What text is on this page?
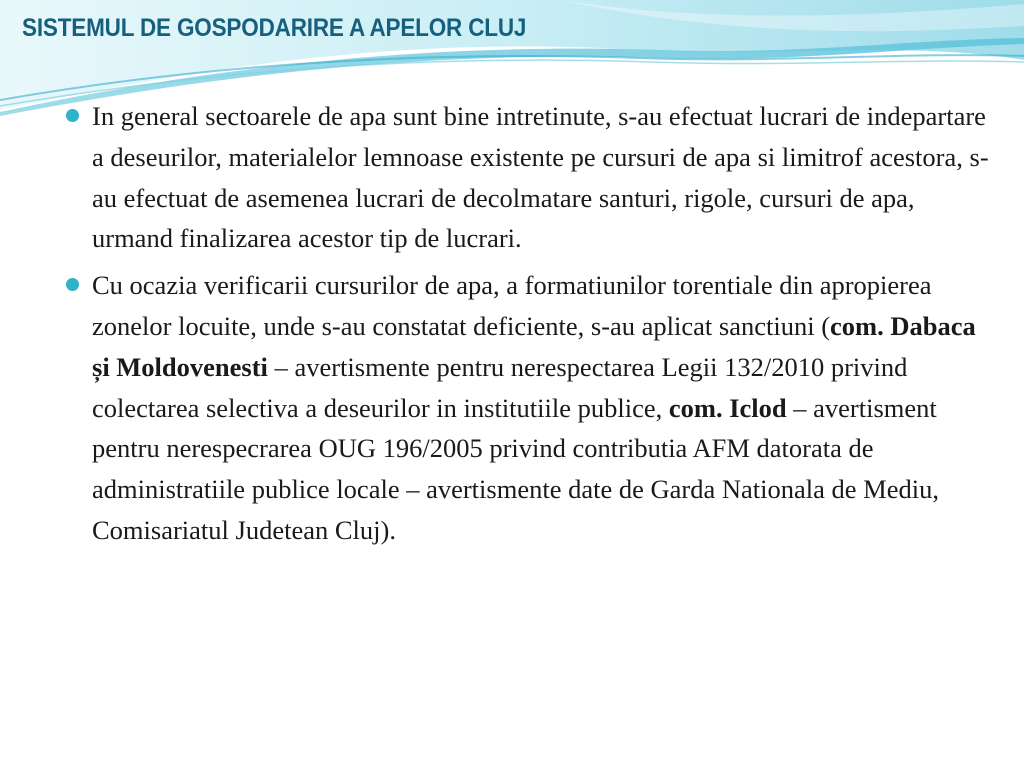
SISTEMUL DE GOSPODARIRE A APELOR CLUJ
In general sectoarele de apa sunt bine intretinute, s-au efectuat lucrari de indepartare a deseurilor, materialelor lemnoase existente pe cursuri de apa si limitrof acestora, s-au efectuat de asemenea lucrari de decolmatare santuri, rigole, cursuri de apa, urmand finalizarea acestor tip de lucrari.
Cu ocazia verificarii cursurilor de apa, a formatiunilor torentiale din apropierea zonelor locuite, unde s-au constatat deficiente, s-au aplicat sanctiuni (com. Dabaca și Moldovenesti – avertismente pentru nerespectarea Legii 132/2010 privind colectarea selectiva a deseurilor in institutiile publice, com. Iclod – avertisment pentru nerespecrarea OUG 196/2005 privind contributia AFM datorata de administratiile publice locale – avertismente date de Garda Nationala de Mediu, Comisariatul Judetean Cluj).
